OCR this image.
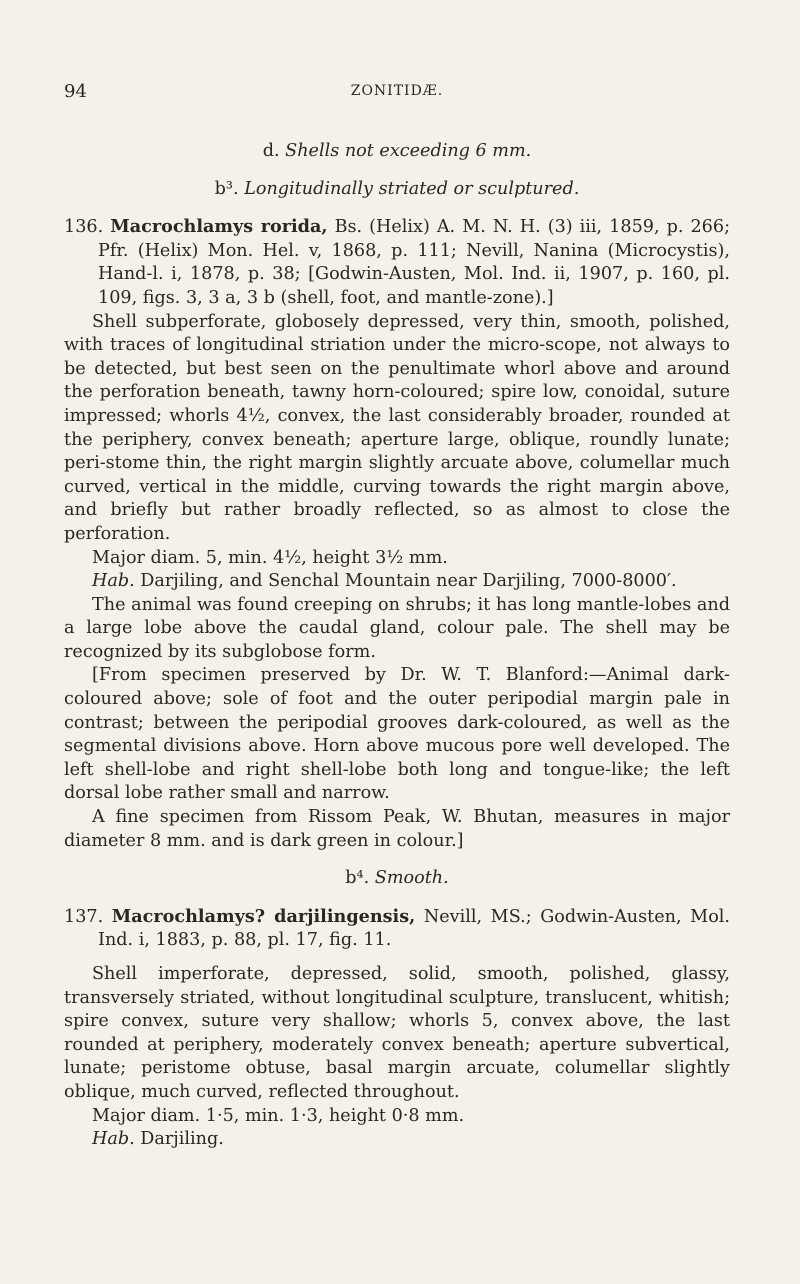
94	ZONITIDÆ.

d. Shells not exceeding 6 mm.

b³. Longitudinally striated or sculptured.

136. Macrochlamys rorida, Bs. (Helix) A. M. N. H. (3) iii, 1859, p. 266; Pfr. (Helix) Mon. Hel. v, 1868, p. 111; Nevill, Nanina (Microcystis), Hand-l. i, 1878, p. 38; [Godwin-Austen, Mol. Ind. ii, 1907, p. 160, pl. 109, figs. 3, 3 a, 3 b (shell, foot, and mantle-zone).]

Shell subperforate, globosely depressed, very thin, smooth, polished, with traces of longitudinal striation under the micro-scope, not always to be detected, but best seen on the penultimate whorl above and around the perforation beneath, tawny horn-coloured; spire low, conoidal, suture impressed; whorls 4½, convex, the last considerably broader, rounded at the periphery, convex beneath; aperture large, oblique, roundly lunate; peri-stome thin, the right margin slightly arcuate above, columellar much curved, vertical in the middle, curving towards the right margin above, and briefly but rather broadly reflected, so as almost to close the perforation.

Major diam. 5, min. 4½, height 3½ mm.

Hab. Darjiling, and Senchal Mountain near Darjiling, 7000-8000′.

The animal was found creeping on shrubs; it has long mantle-lobes and a large lobe above the caudal gland, colour pale. The shell may be recognized by its subglobose form.

[From specimen preserved by Dr. W. T. Blanford:—Animal dark-coloured above; sole of foot and the outer peripodial margin pale in contrast; between the peripodial grooves dark-coloured, as well as the segmental divisions above. Horn above mucous pore well developed. The left shell-lobe and right shell-lobe both long and tongue-like; the left dorsal lobe rather small and narrow.

A fine specimen from Rissom Peak, W. Bhutan, measures in major diameter 8 mm. and is dark green in colour.]

b⁴. Smooth.

137. Macrochlamys? darjilingensis, Nevill, MS.; Godwin-Austen, Mol. Ind. i, 1883, p. 88, pl. 17, fig. 11.

Shell imperforate, depressed, solid, smooth, polished, glassy, transversely striated, without longitudinal sculpture, translucent, whitish; spire convex, suture very shallow; whorls 5, convex above, the last rounded at periphery, moderately convex beneath; aperture subvertical, lunate; peristome obtuse, basal margin arcuate, columellar slightly oblique, much curved, reflected throughout.

Major diam. 1·5, min. 1·3, height 0·8 mm.

Hab. Darjiling.
